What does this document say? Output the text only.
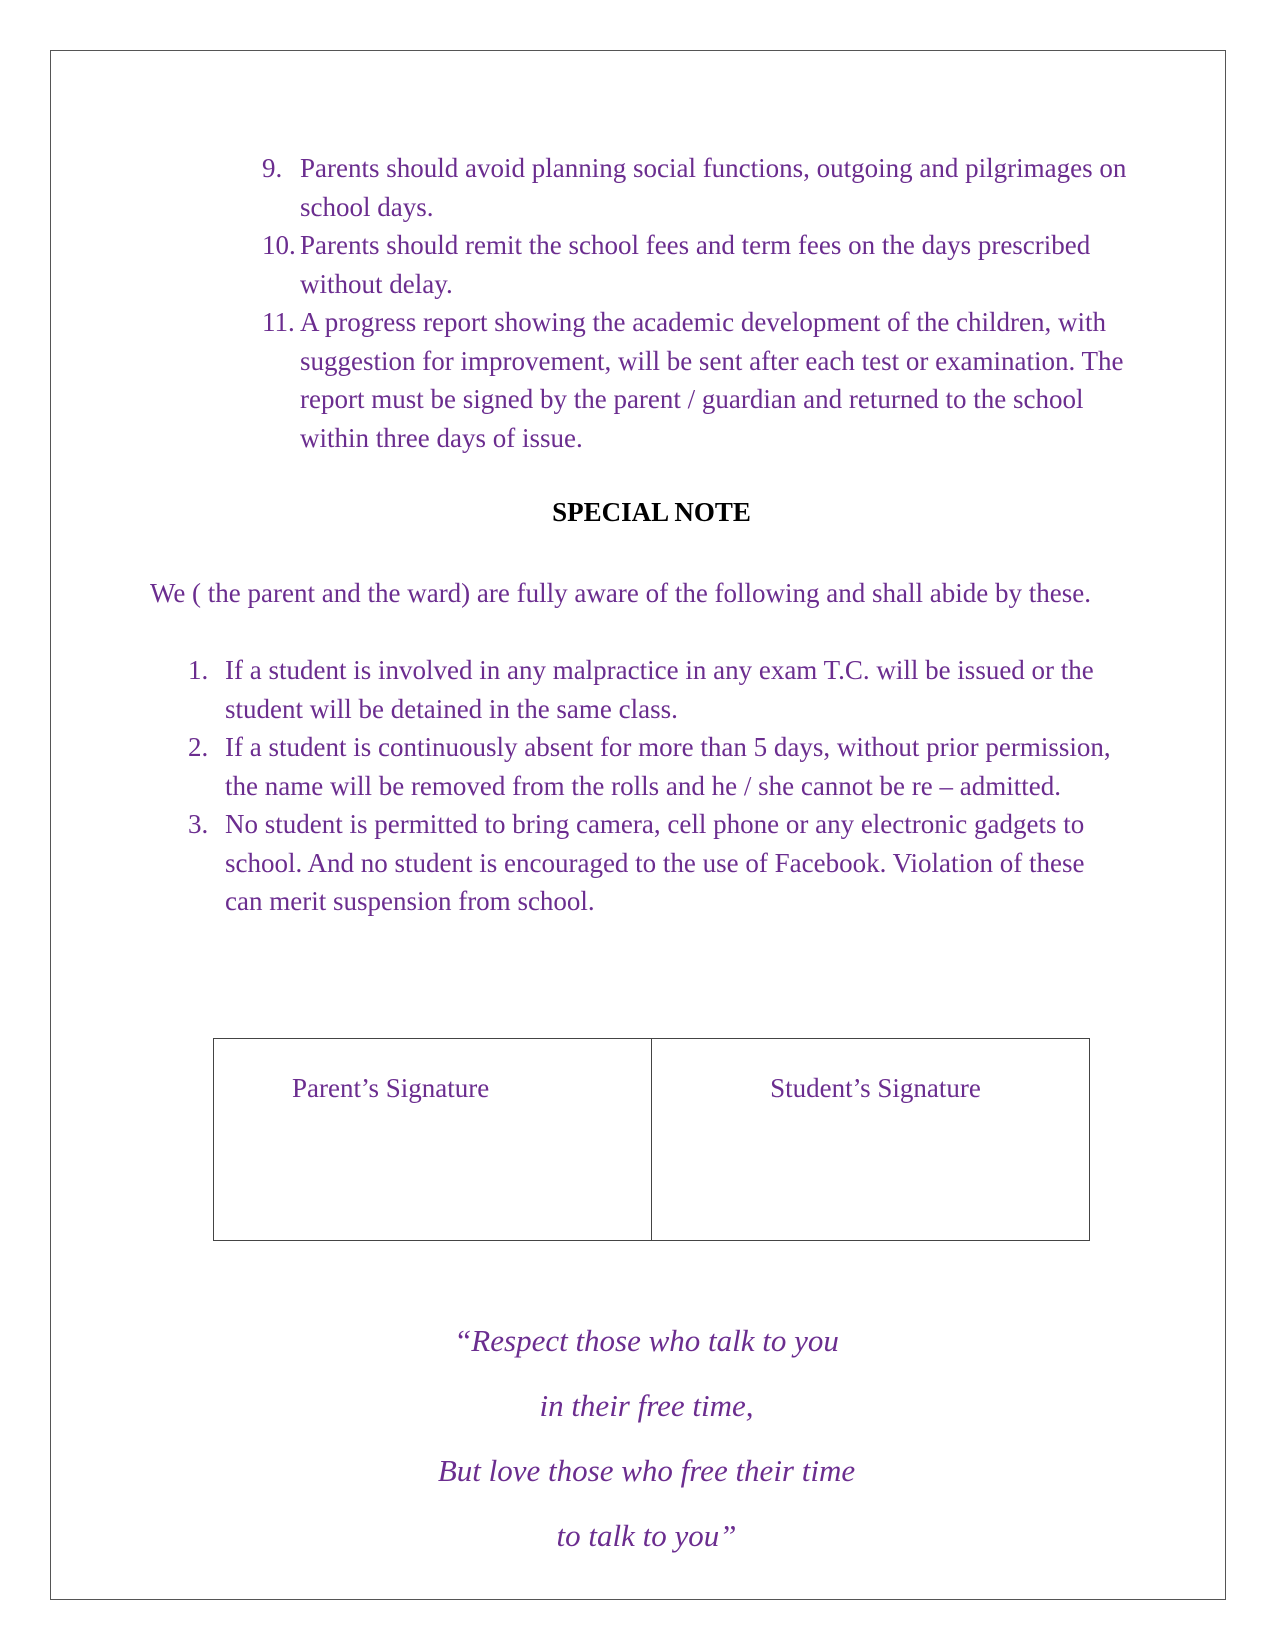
9. Parents should avoid planning social functions, outgoing and pilgrimages on school days.
10. Parents should remit the school fees and term fees on the days prescribed without delay.
11. A progress report showing the academic development of the children, with suggestion for improvement, will be sent after each test or examination. The report must be signed by the parent / guardian and returned to the school within three days of issue.
SPECIAL NOTE

We ( the parent and the ward) are fully aware of the following and shall abide by these.

1. If a student is involved in any malpractice in any exam T.C. will be issued or the student will be detained in the same class.
2. If a student is continuously absent for more than 5 days, without prior permission, the name will be removed from the rolls and he / she cannot be re – admitted.
3. No student is permitted to bring camera, cell phone or any electronic gadgets to school. And no student is encouraged to the use of Facebook. Violation of these can merit suspension from school.
Parent’s Signature	Student’s Signature
“Respect those who talk to you
in their free time,
But love those who free their time
to talk to you”
